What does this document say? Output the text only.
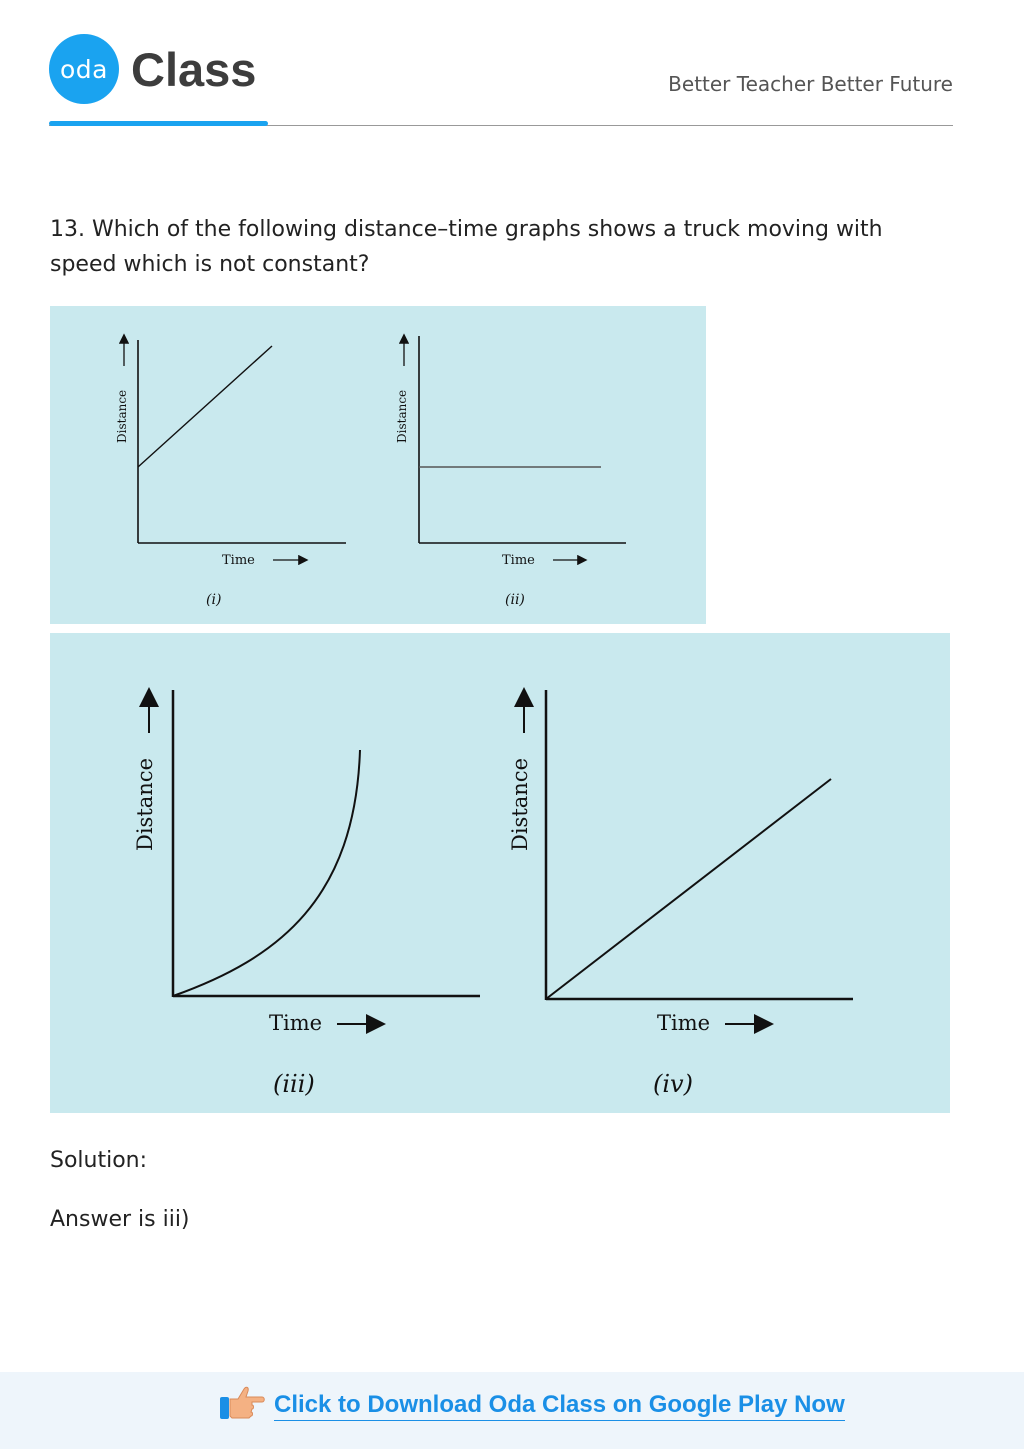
oda Class	Better Teacher Better Future
13. Which of the following distance–time graphs shows a truck moving with speed which is not constant?
Distance
Time
(i)
Distance
Time
(ii)
Distance
Time
(iii)
Distance
Time
(iv)
Solution:
Answer is iii)
Click to Download Oda Class on Google Play Now
